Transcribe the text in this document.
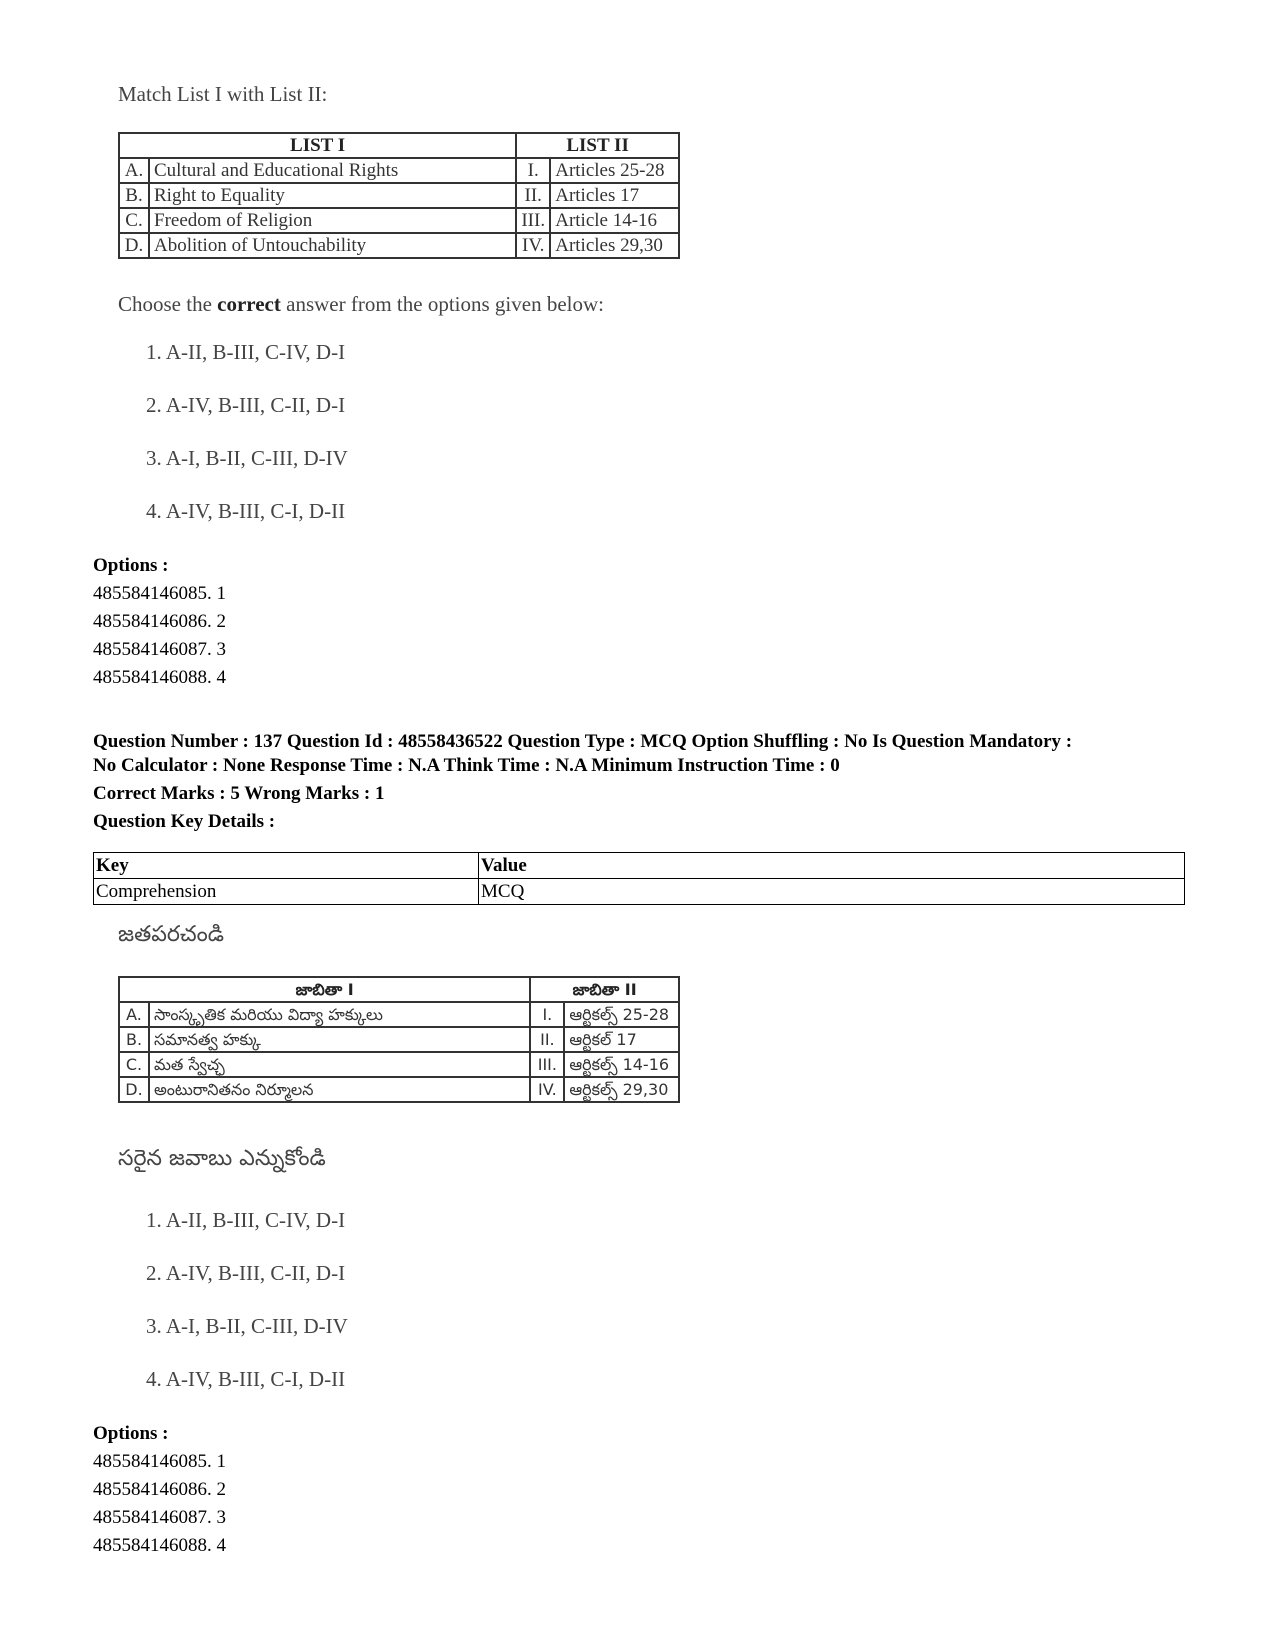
Match List I with List II:
LIST I		LIST II	
A.	Cultural and Educational Rights	I.	Articles 25-28
B.	Right to Equality	II.	Articles 17
C.	Freedom of Religion	III.	Article 14-16
D.	Abolition of Untouchability	IV.	Articles 29,30
Choose the correct answer from the options given below:
1. A-II, B-III, C-IV, D-I
2. A-IV, B-III, C-II, D-I
3. A-I, B-II, C-III, D-IV
4. A-IV, B-III, C-I, D-II
Options :
485584146085. 1
485584146086. 2
485584146087. 3
485584146088. 4
Question Number : 137 Question Id : 48558436522 Question Type : MCQ Option Shuffling : No Is Question Mandatory :
No Calculator : None Response Time : N.A Think Time : N.A Minimum Instruction Time : 0
Correct Marks : 5 Wrong Marks : 1
Question Key Details :
Key	Value
Comprehension	MCQ
జతపరచండి
జాబితా I		జాబితా II	
A.	సాంస్కృతిక మరియు విద్యా హక్కులు	I.	ఆర్టికల్స్ 25-28
B.	సమానత్వ హక్కు	II.	ఆర్టికల్ 17
C.	మత స్వేచ్ఛ	III.	ఆర్టికల్స్ 14-16
D.	అంటురానితనం నిర్మూలన	IV.	ఆర్టికల్స్ 29,30
సరైన జవాబు ఎన్నుకోండి
1. A-II, B-III, C-IV, D-I
2. A-IV, B-III, C-II, D-I
3. A-I, B-II, C-III, D-IV
4. A-IV, B-III, C-I, D-II
Options :
485584146085. 1
485584146086. 2
485584146087. 3
485584146088. 4
